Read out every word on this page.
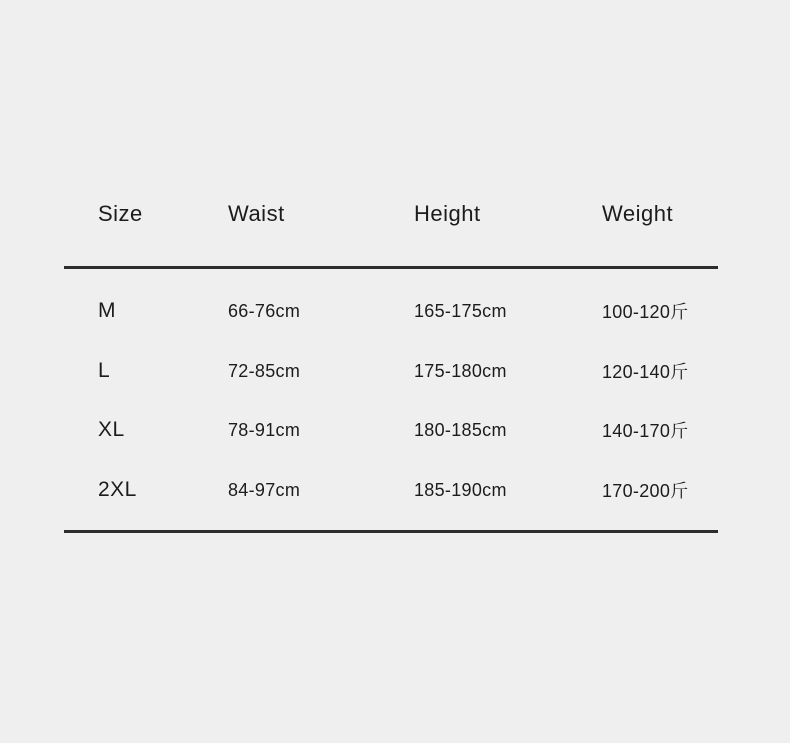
Size	Waist	Height	Weight
M	66-76cm	165-175cm	100-120斤
L	72-85cm	175-180cm	120-140斤
XL	78-91cm	180-185cm	140-170斤
2XL	84-97cm	185-190cm	170-200斤
